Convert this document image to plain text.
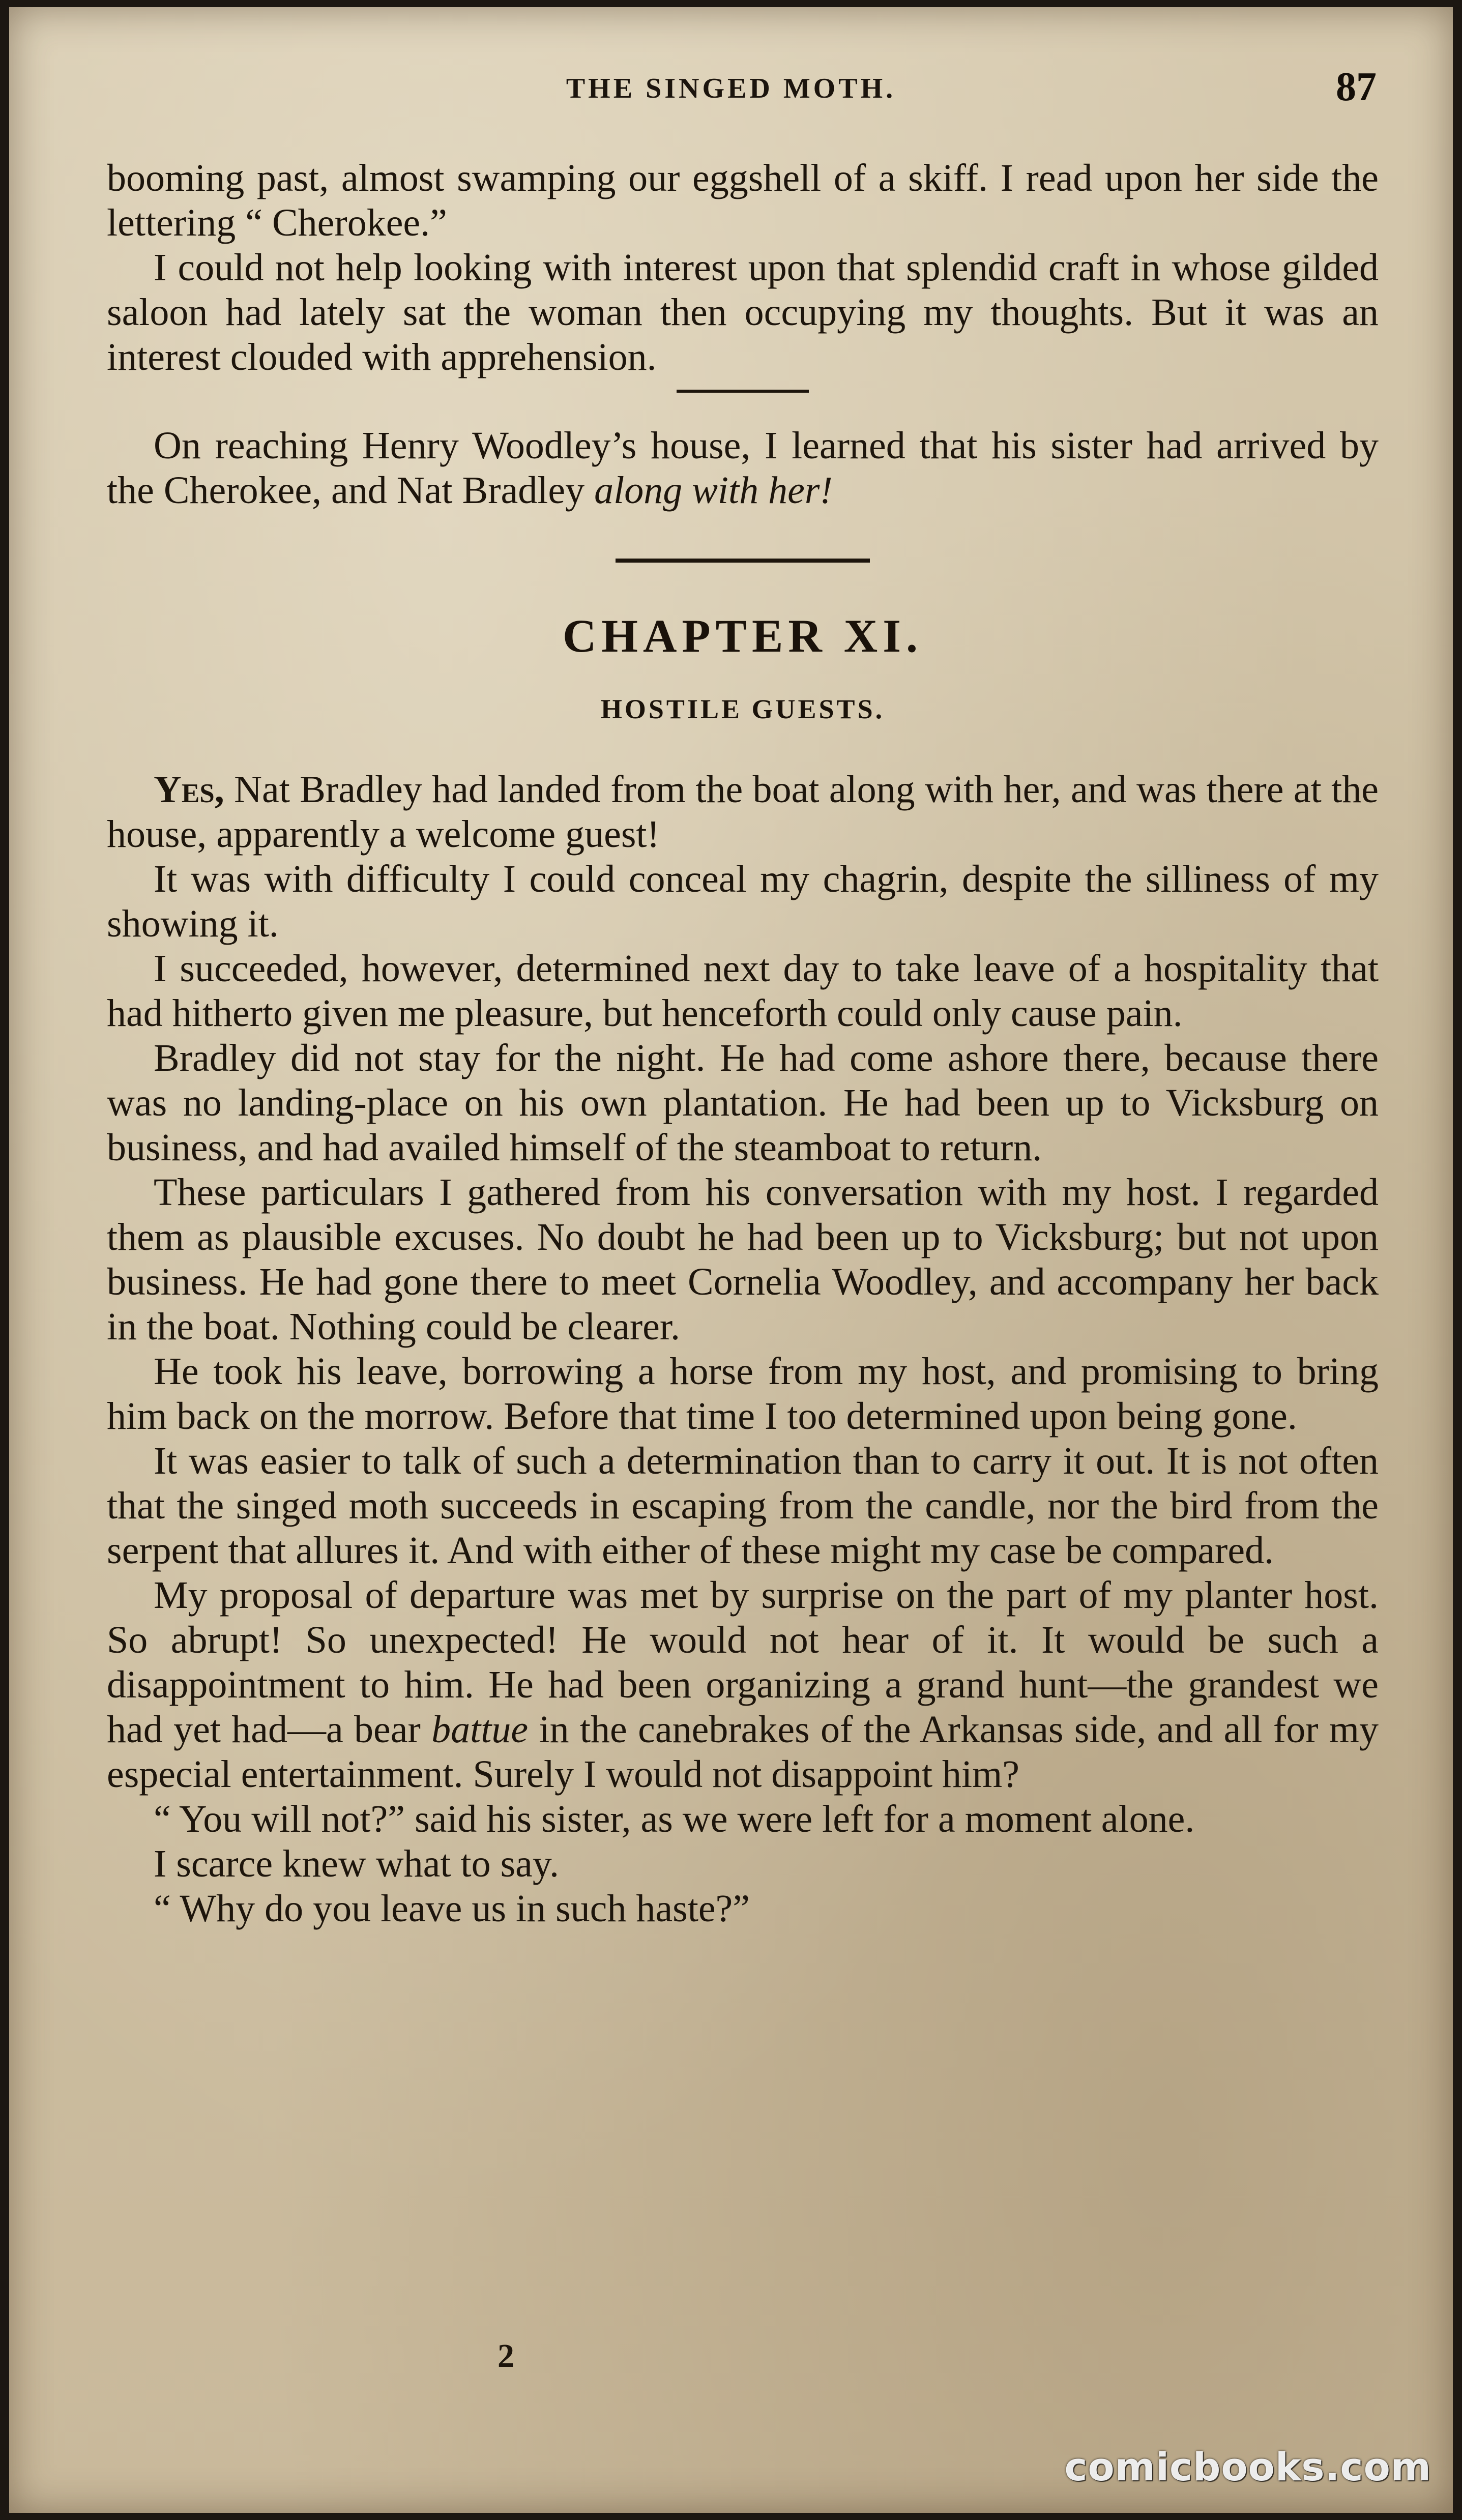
THE SINGED MOTH.	87

booming past, almost swamping our eggshell of a skiff. I read upon her side the lettering “ Cherokee.”

I could not help looking with interest upon that splendid craft in whose gilded saloon had lately sat the woman then occupying my thoughts. But it was an interest clouded with apprehension.

On reaching Henry Woodley’s house, I learned that his sister had arrived by the Cherokee, and Nat Bradley along with her!

CHAPTER XI.
HOSTILE GUESTS.

Yes, Nat Bradley had landed from the boat along with her, and was there at the house, apparently a welcome guest!

It was with difficulty I could conceal my chagrin, despite the silliness of my showing it.

I succeeded, however, determined next day to take leave of a hospitality that had hitherto given me pleasure, but henceforth could only cause pain.

Bradley did not stay for the night. He had come ashore there, because there was no landing-place on his own plantation. He had been up to Vicksburg on business, and had availed himself of the steamboat to return.

These particulars I gathered from his conversation with my host. I regarded them as plausible excuses. No doubt he had been up to Vicksburg; but not upon business. He had gone there to meet Cornelia Woodley, and accompany her back in the boat. Nothing could be clearer.

He took his leave, borrowing a horse from my host, and promising to bring him back on the morrow. Before that time I too determined upon being gone.

It was easier to talk of such a determination than to carry it out. It is not often that the singed moth succeeds in escaping from the candle, nor the bird from the serpent that allures it. And with either of these might my case be compared.

My proposal of departure was met by surprise on the part of my planter host. So abrupt! So unexpected! He would not hear of it. It would be such a disappointment to him. He had been organizing a grand hunt—the grandest we had yet had—a bear battue in the canebrakes of the Arkansas side, and all for my especial entertainment. Surely I would not disappoint him?

“ You will not?” said his sister, as we were left for a moment alone.

I scarce knew what to say.

“ Why do you leave us in such haste?”

2
comicbooks.com
